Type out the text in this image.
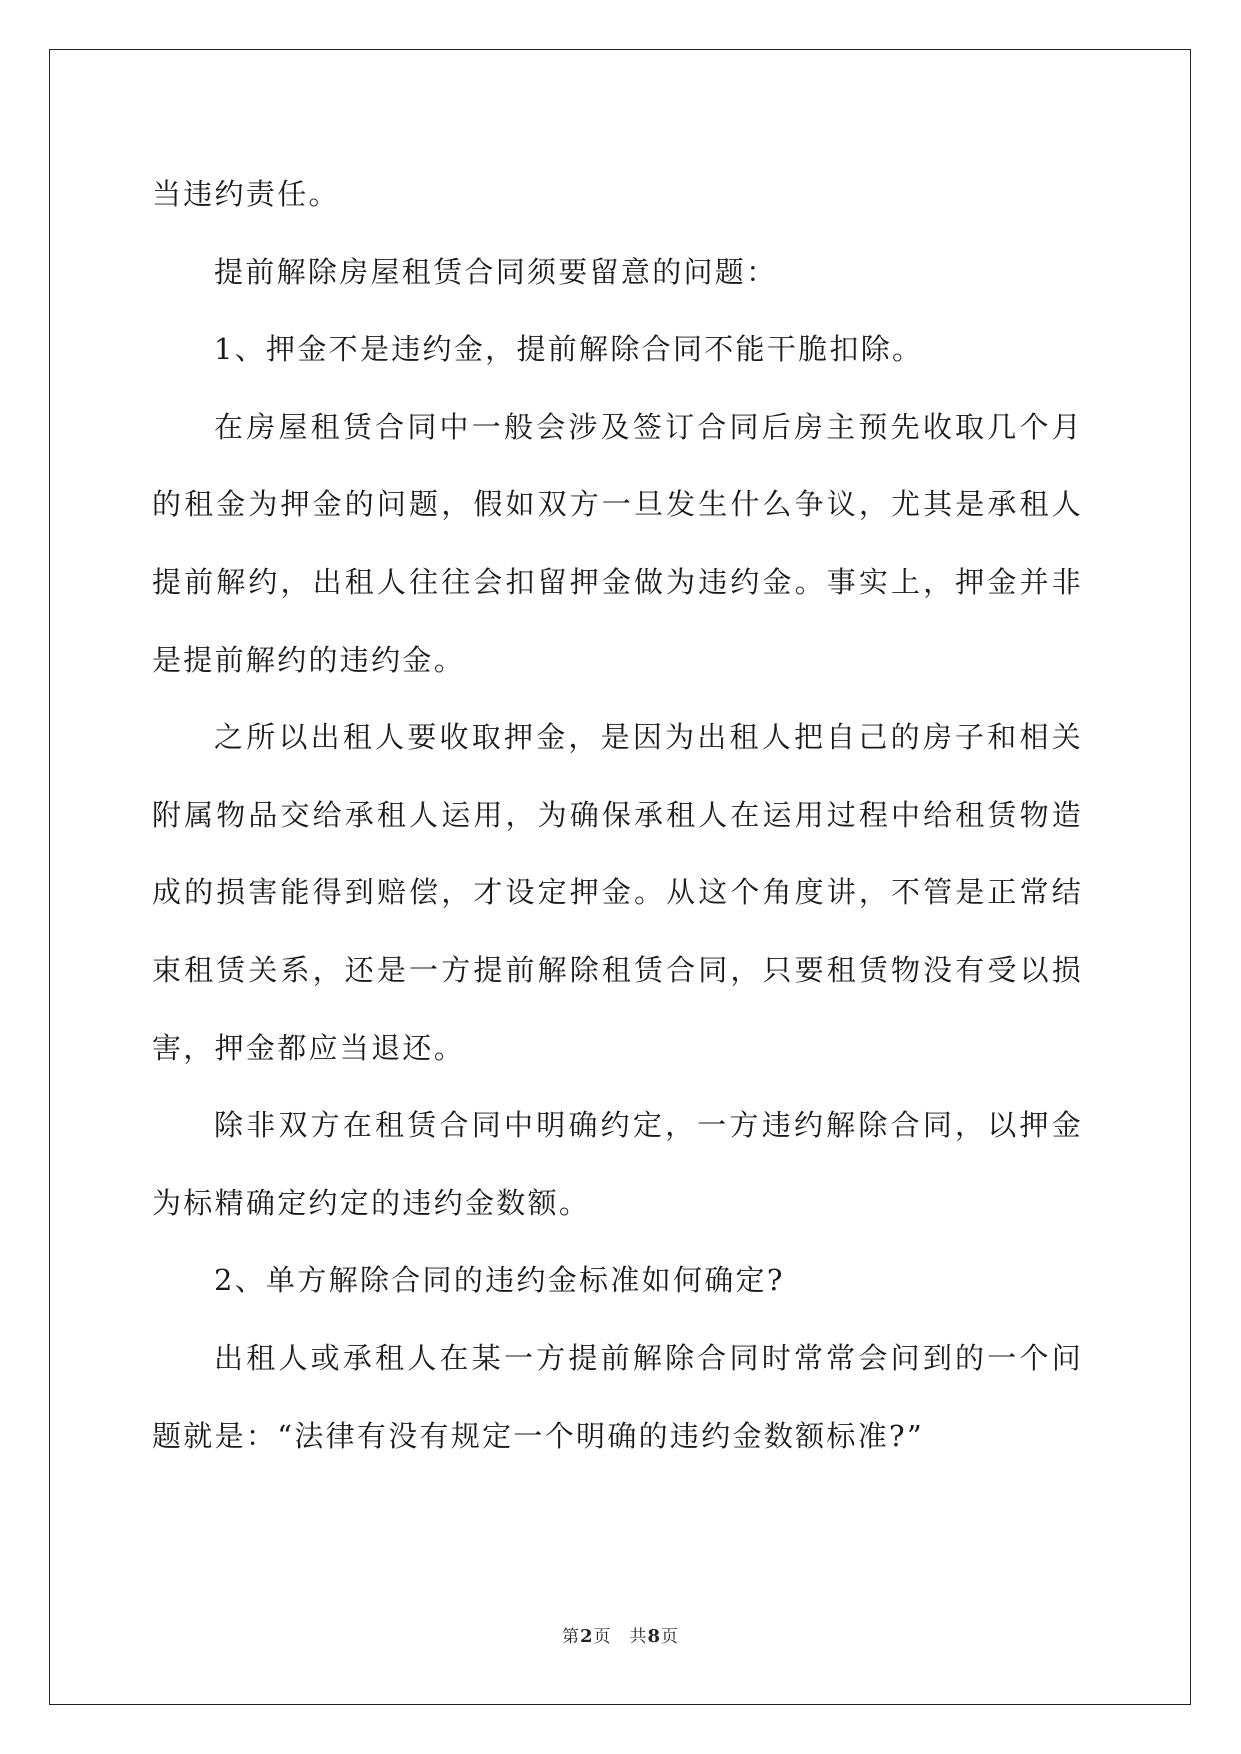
当违约责任。

提前解除房屋租赁合同须要留意的问题：

1、押金不是违约金，提前解除合同不能干脆扣除。

在房屋租赁合同中一般会涉及签订合同后房主预先收取几个月的租金为押金的问题，假如双方一旦发生什么争议，尤其是承租人提前解约，出租人往往会扣留押金做为违约金。事实上，押金并非是提前解约的违约金。

之所以出租人要收取押金，是因为出租人把自己的房子和相关附属物品交给承租人运用，为确保承租人在运用过程中给租赁物造成的损害能得到赔偿，才设定押金。从这个角度讲，不管是正常结束租赁关系，还是一方提前解除租赁合同，只要租赁物没有受以损害，押金都应当退还。

除非双方在租赁合同中明确约定，一方违约解除合同，以押金为标精确定约定的违约金数额。

2、单方解除合同的违约金标准如何确定?

出租人或承租人在某一方提前解除合同时常常会问到的一个问题就是：“法律有没有规定一个明确的违约金数额标准?”

第2页 共8页
